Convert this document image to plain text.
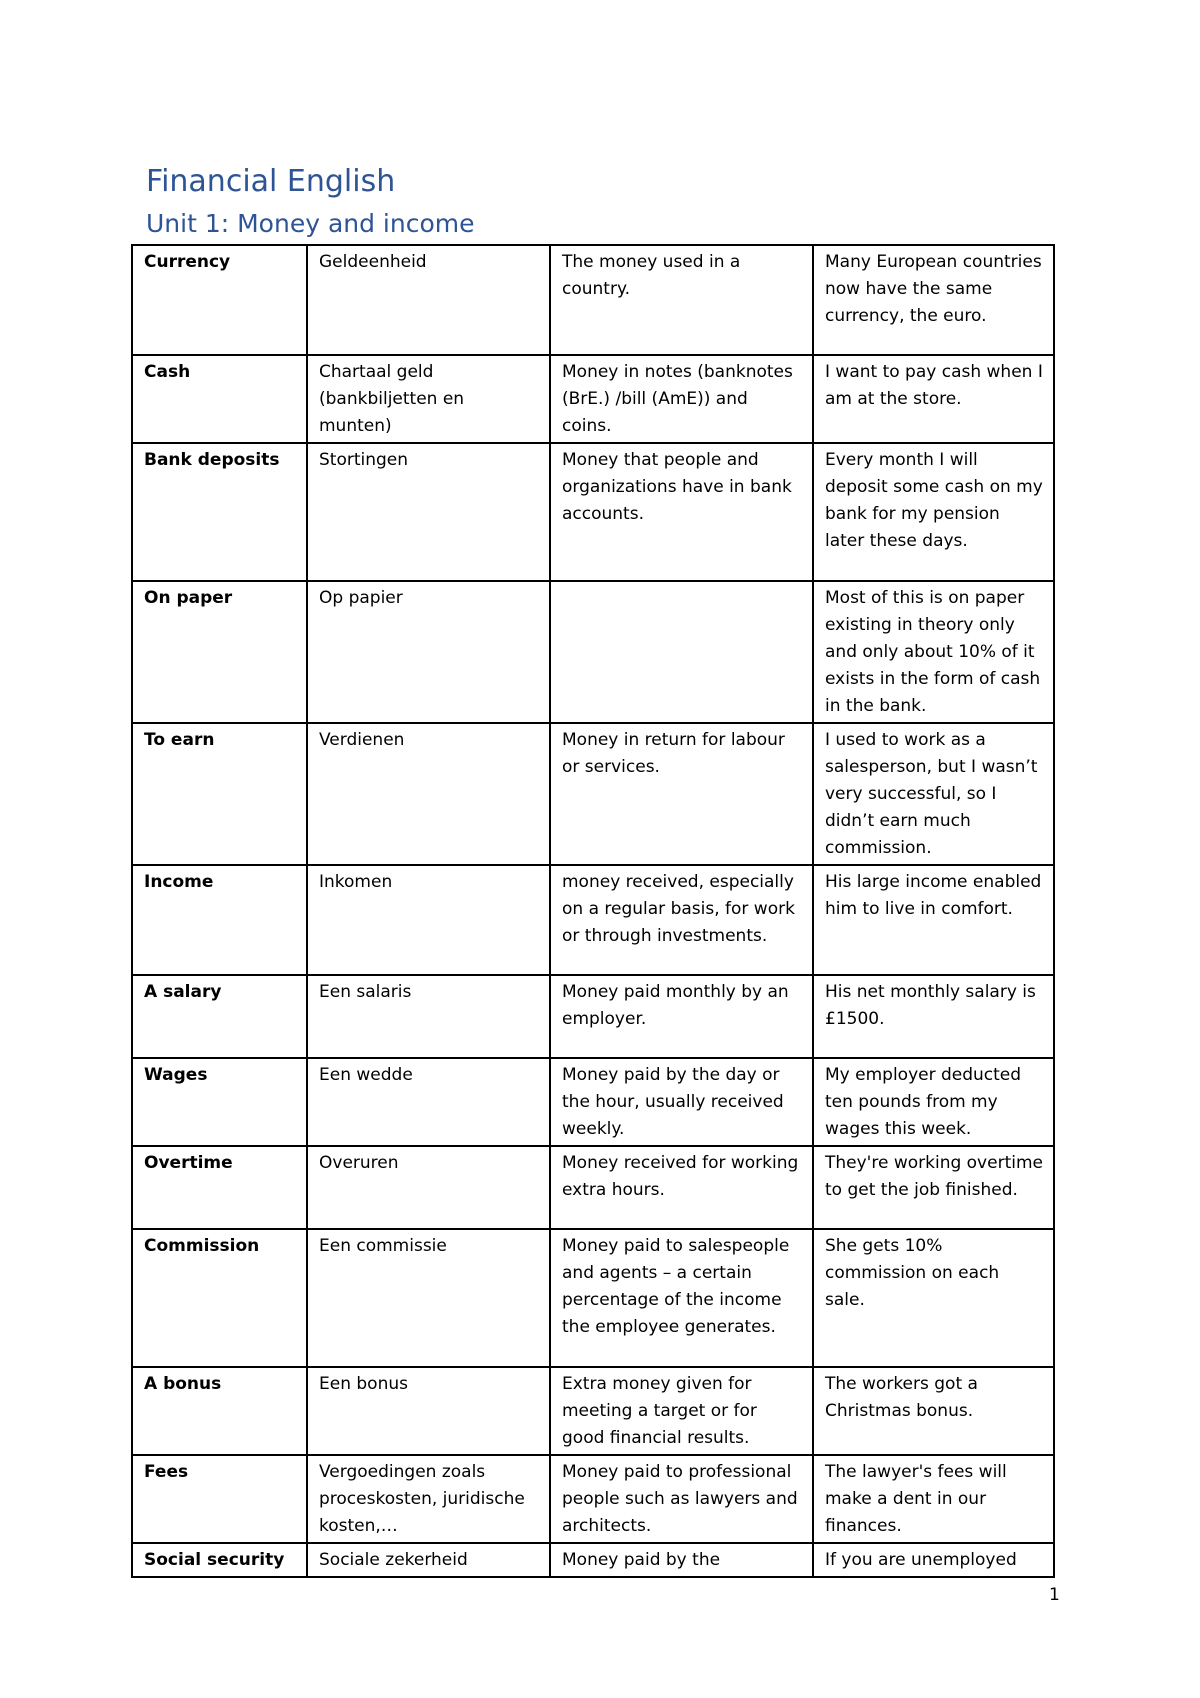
Financial English
Unit 1: Money and income
Currency	Geldeenheid	The money used in a country.	Many European countries now have the same currency, the euro.
Cash	Chartaal geld (bankbiljetten en munten)	Money in notes (banknotes (BrE.) /bill (AmE)) and coins.	I want to pay cash when I am at the store.
Bank deposits	Stortingen	Money that people and organizations have in bank accounts.	Every month I will deposit some cash on my bank for my pension later these days.
On paper	Op papier		Most of this is on paper existing in theory only and only about 10% of it exists in the form of cash in the bank.
To earn	Verdienen	Money in return for labour or services.	I used to work as a salesperson, but I wasn’t very successful, so I didn’t earn much commission.
Income	Inkomen	money received, especially on a regular basis, for work or through investments.	His large income enabled him to live in comfort.
A salary	Een salaris	Money paid monthly by an employer.	His net monthly salary is £1500.
Wages	Een wedde	Money paid by the day or the hour, usually received weekly.	My employer deducted ten pounds from my wages this week.
Overtime	Overuren	Money received for working extra hours.	They're working overtime to get the job finished.
Commission	Een commissie	Money paid to salespeople and agents – a certain percentage of the income the employee generates.	She gets 10% commission on each sale.
A bonus	Een bonus	Extra money given for meeting a target or for good financial results.	The workers got a Christmas bonus.
Fees	Vergoedingen zoals proceskosten, juridische kosten,…	Money paid to professional people such as lawyers and architects.	The lawyer's fees will make a dent in our finances.
Social security	Sociale zekerheid	Money paid by the	If you are unemployed
1
